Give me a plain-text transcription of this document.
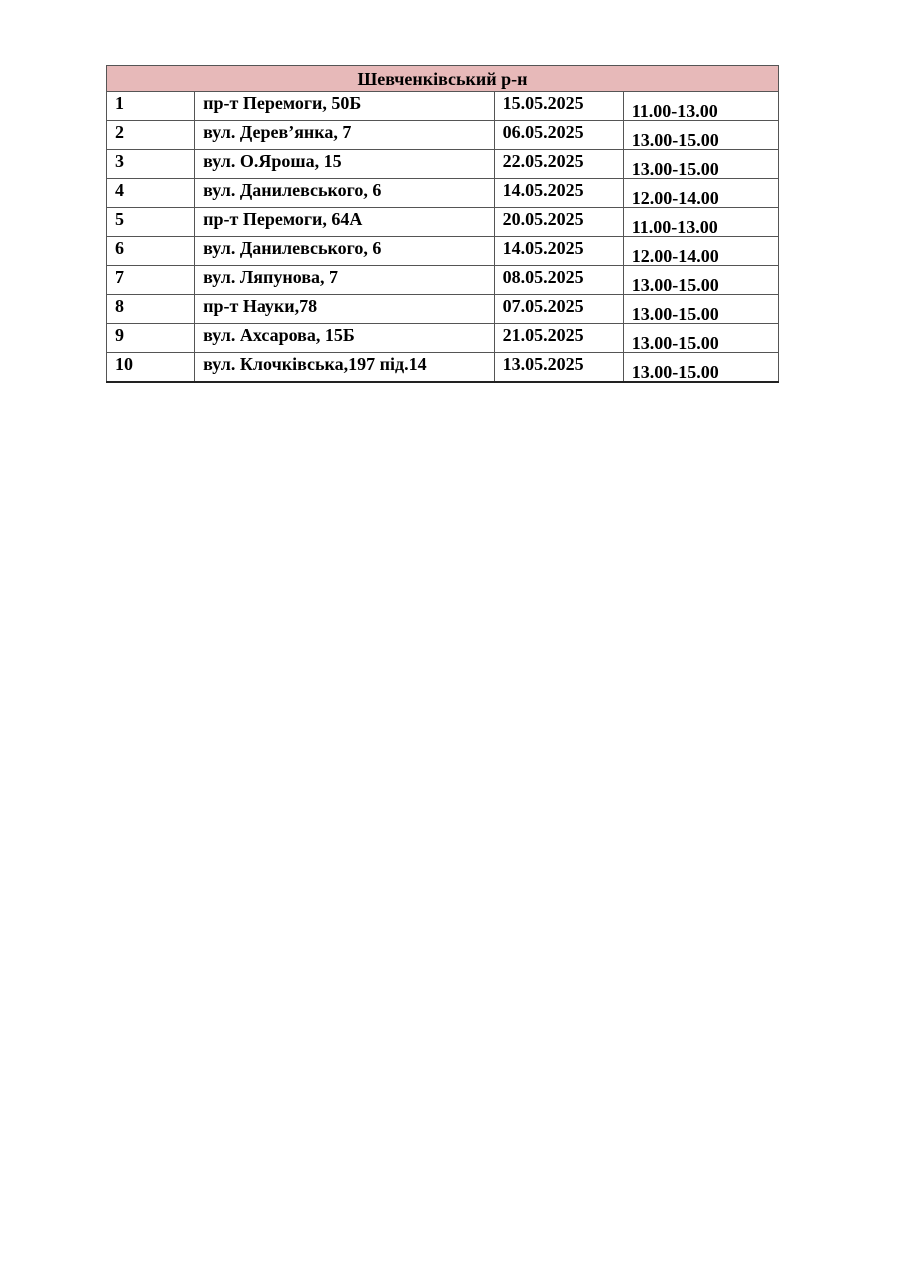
Шевченківський р-н			
1	пр-т Перемоги, 50Б	15.05.2025	11.00-13.00
2	вул. Дерев’янка, 7	06.05.2025	13.00-15.00
3	вул. О.Яроша, 15	22.05.2025	13.00-15.00
4	вул. Данилевського, 6	14.05.2025	12.00-14.00
5	пр-т Перемоги, 64А	20.05.2025	11.00-13.00
6	вул. Данилевського, 6	14.05.2025	12.00-14.00
7	вул. Ляпунова, 7	08.05.2025	13.00-15.00
8	пр-т Науки,78	07.05.2025	13.00-15.00
9	вул. Ахсарова, 15Б	21.05.2025	13.00-15.00
10	вул. Клочківська,197 під.14	13.05.2025	13.00-15.00
